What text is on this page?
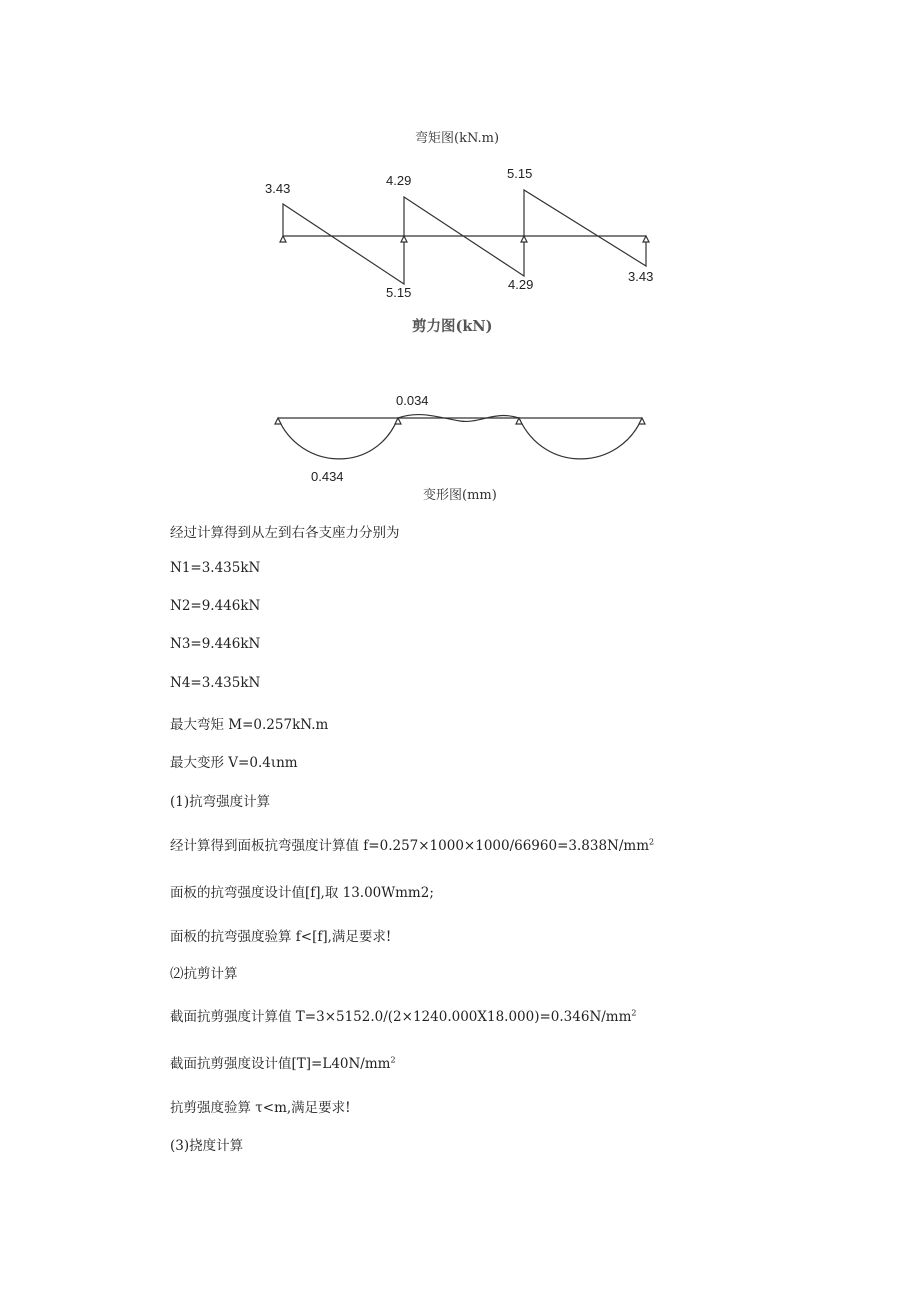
弯矩图(kN.m)
剪力图(kN)
变形图(mm)
3.43
4.29	5.15
5.15
4.29
3.43
0.034
0.434
经过计算得到从左到右各支座力分别为
N1=3.435kN
N2=9.446kN
N3=9.446kN
N4=3.435kN
最大弯矩 M=0.257kN.m
最大变形 V=0.4ιnm
(1)抗弯强度计算
经计算得到面板抗弯强度计算值 $f=0.257\times 1000\times 1000/66960=3.838N/mm^2$
面板的抗弯强度设计值[f],取 13.00Wmm2;
面板的抗弯强度验算 f<[f],满足要求!
⑵抗剪计算
截面抗剪强度计算值 $T=3\times 5152.0/(2\times 1240.000X18.000)=0.346N/mm^2$
截面抗剪强度设计值$[T]=L40N/mm^2$
抗剪强度验算 τ<m,满足要求!
(3)挠度计算
